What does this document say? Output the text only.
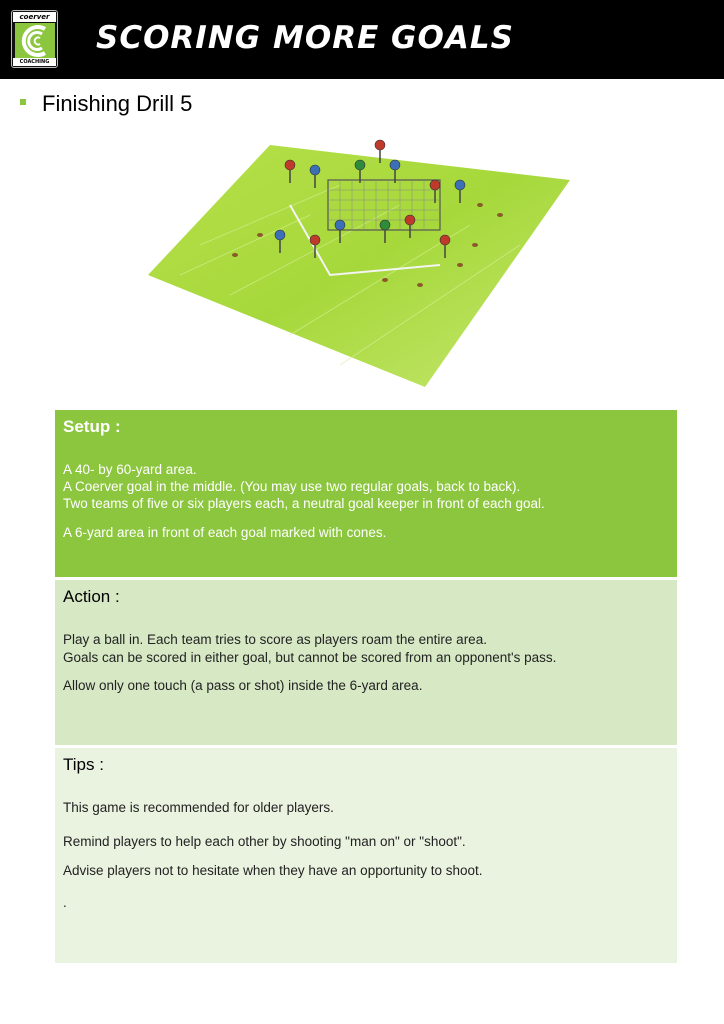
coerver
COACHING
SCORING MORE GOALS
Finishing Drill 5
Setup :

A 40- by 60-yard area.

A Coerver goal in the middle. (You may use two regular goals, back to back).

Two teams of five or six players each, a neutral goal keeper in front of each goal.

A 6-yard area in front of each goal marked with cones.

Action :

Play a ball in. Each team tries to score as players roam the entire area.

Goals can be scored in either goal, but cannot be scored from an opponent's pass.

Allow only one touch (a pass or shot) inside the 6-yard area.

Tips :

This game is recommended for older players.

Remind players to help each other by shooting "man on" or "shoot".

Advise players not to hesitate when they have an opportunity to shoot.

.
